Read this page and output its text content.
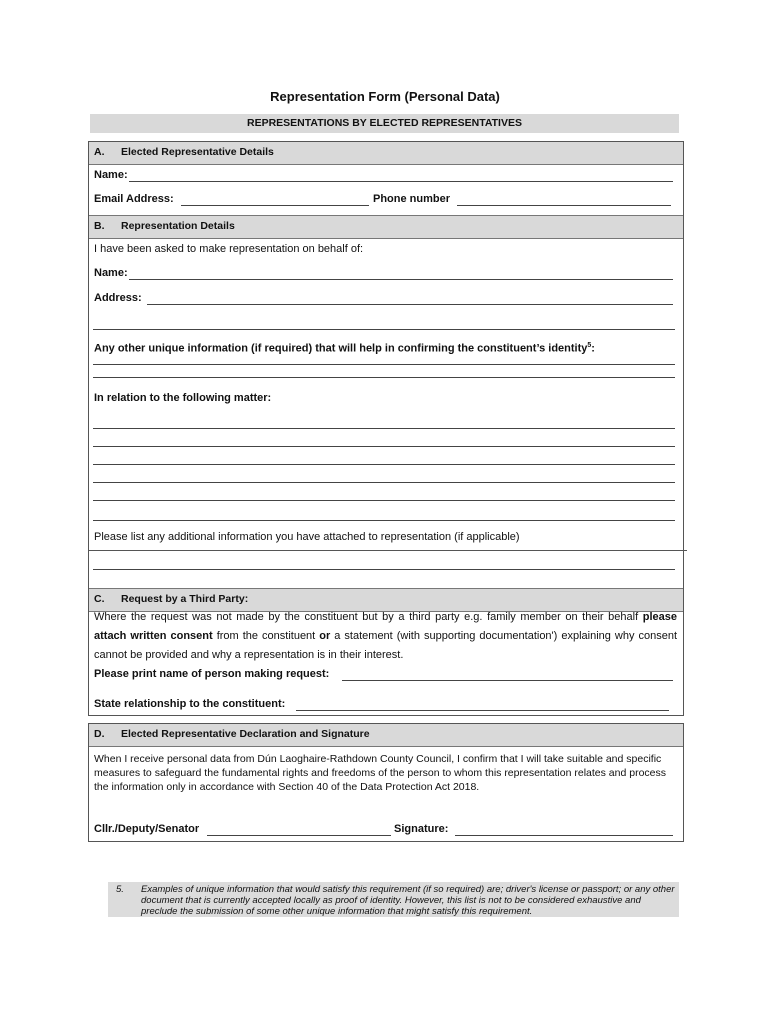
Representation Form (Personal Data)
REPRESENTATIONS BY ELECTED REPRESENTATIVES
A. Elected Representative Details
Name:
Email Address:	Phone number
B. Representation Details
I have been asked to make representation on behalf of:
Name:
Address:
Any other unique information (if required) that will help in confirming the constituent’s identity$^5$:
In relation to the following matter:
Please list any additional information you have attached to representation (if applicable)
C. Request by a Third Party:
Where the request was not made by the constituent but by a third party e.g. family member on their behalf please attach written consent from the constituent or a statement (with supporting documentation') explaining why consent cannot be provided and why a representation is in their interest.
Please print name of person making request:
State relationship to the constituent:
D. Elected Representative Declaration and Signature
When I receive personal data from Dún Laoghaire-Rathdown County Council, I confirm that I will take suitable and specific measures to safeguard the fundamental rights and freedoms of the person to whom this representation relates and process the information only in accordance with Section 40 of the Data Protection Act 2018.
Cllr./Deputy/Senator	Signature:
5. Examples of unique information that would satisfy this requirement (if so required) are; driver's license or passport; or any other document that is currently accepted locally as proof of identity. However, this list is not to be considered exhaustive and preclude the submission of some other unique information that might satisfy this requirement.
